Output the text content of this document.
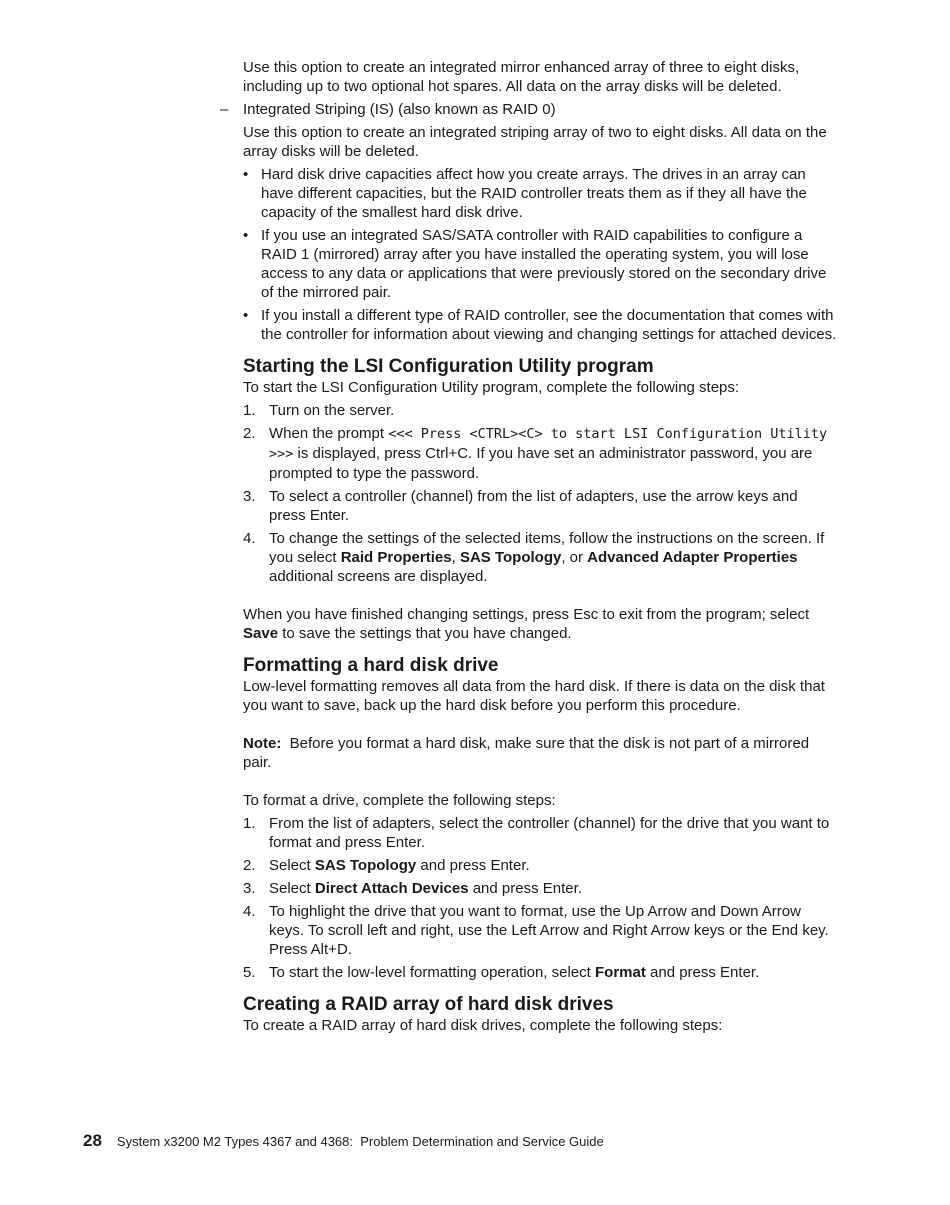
Use this option to create an integrated mirror enhanced array of three to eight disks, including up to two optional hot spares. All data on the array disks will be deleted.

– Integrated Striping (IS) (also known as RAID 0)

Use this option to create an integrated striping array of two to eight disks. All data on the array disks will be deleted.

• Hard disk drive capacities affect how you create arrays. The drives in an array can have different capacities, but the RAID controller treats them as if they all have the capacity of the smallest hard disk drive.
• If you use an integrated SAS/SATA controller with RAID capabilities to configure a RAID 1 (mirrored) array after you have installed the operating system, you will lose access to any data or applications that were previously stored on the secondary drive of the mirrored pair.
• If you install a different type of RAID controller, see the documentation that comes with the controller for information about viewing and changing settings for attached devices.
Starting the LSI Configuration Utility program

To start the LSI Configuration Utility program, complete the following steps:

1. Turn on the server.
2. When the prompt <<< Press <CTRL><C> to start LSI Configuration Utility >>> is displayed, press Ctrl+C. If you have set an administrator password, you are prompted to type the password.
3. To select a controller (channel) from the list of adapters, use the arrow keys and press Enter.
4. To change the settings of the selected items, follow the instructions on the screen. If you select Raid Properties, SAS Topology, or Advanced Adapter Properties additional screens are displayed.

When you have finished changing settings, press Esc to exit from the program; select Save to save the settings that you have changed.

Formatting a hard disk drive

Low-level formatting removes all data from the hard disk. If there is data on the disk that you want to save, back up the hard disk before you perform this procedure.

Note:  Before you format a hard disk, make sure that the disk is not part of a mirrored pair.

To format a drive, complete the following steps:

1. From the list of adapters, select the controller (channel) for the drive that you want to format and press Enter.
2. Select SAS Topology and press Enter.
3. Select Direct Attach Devices and press Enter.
4. To highlight the drive that you want to format, use the Up Arrow and Down Arrow keys. To scroll left and right, use the Left Arrow and Right Arrow keys or the End key. Press Alt+D.
5. To start the low-level formatting operation, select Format and press Enter.
Creating a RAID array of hard disk drives

To create a RAID array of hard disk drives, complete the following steps:

28 System x3200 M2 Types 4367 and 4368:  Problem Determination and Service Guide
